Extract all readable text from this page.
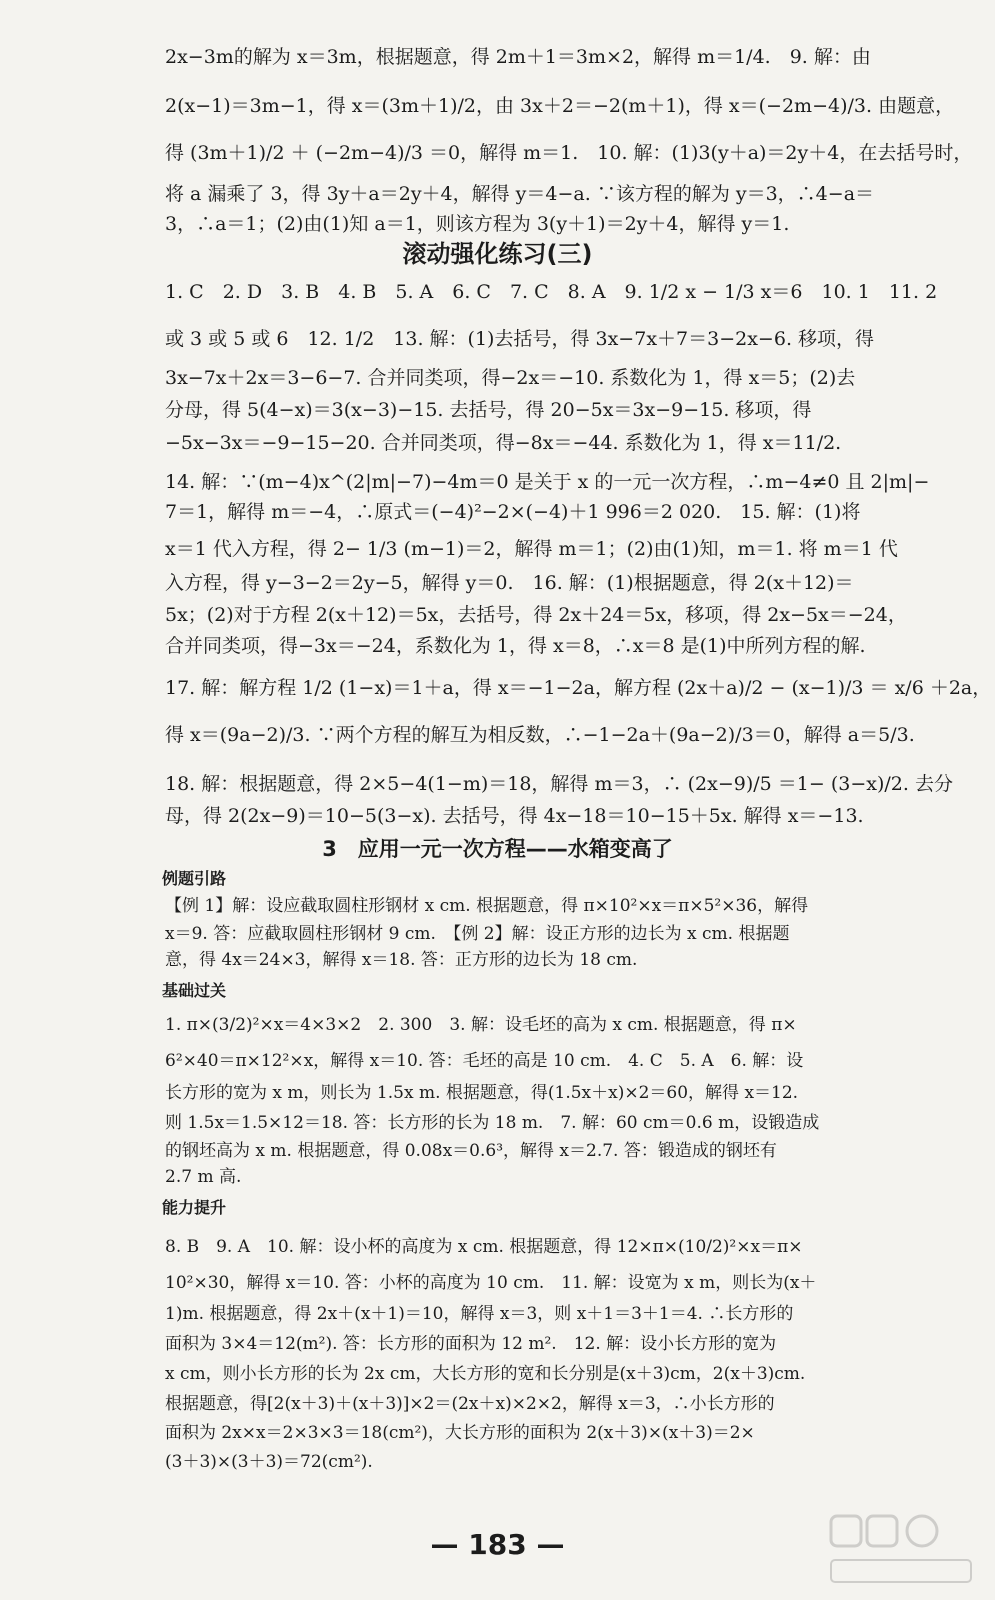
2x−3m的解为 x＝3m，根据题意，得 2m＋1＝3m×2，解得 m＝1/4.　9. 解：由
2(x−1)＝3m−1，得 x＝(3m＋1)/2，由 3x＋2＝−2(m＋1)，得 x＝(−2m−4)/3. 由题意，
得 (3m＋1)/2 ＋ (−2m−4)/3 ＝0，解得 m＝1.　10. 解：(1)3(y＋a)＝2y＋4，在去括号时，
将 a 漏乘了 3，得 3y＋a＝2y＋4，解得 y＝4−a. ∵该方程的解为 y＝3，∴4−a＝
3，∴a＝1；(2)由(1)知 a＝1，则该方程为 3(y＋1)＝2y＋4，解得 y＝1.
滚动强化练习(三)
1. C　2. D　3. B　4. B　5. A　6. C　7. C　8. A　9. 1/2 x − 1/3 x＝6　10. 1　11. 2
或 3 或 5 或 6　12. 1/2　13. 解：(1)去括号，得 3x−7x＋7＝3−2x−6. 移项，得
3x−7x＋2x＝3−6−7. 合并同类项，得−2x＝−10. 系数化为 1，得 x＝5；(2)去
分母，得 5(4−x)＝3(x−3)−15. 去括号，得 20−5x＝3x−9−15. 移项，得
−5x−3x＝−9−15−20. 合并同类项，得−8x＝−44. 系数化为 1，得 x＝11/2.
14. 解：∵(m−4)x^(2|m|−7)−4m＝0 是关于 x 的一元一次方程，∴m−4≠0 且 2|m|−
7＝1，解得 m＝−4，∴原式＝(−4)²−2×(−4)＋1 996＝2 020.　15. 解：(1)将
x＝1 代入方程，得 2− 1/3 (m−1)＝2，解得 m＝1；(2)由(1)知，m＝1. 将 m＝1 代
入方程，得 y−3−2＝2y−5，解得 y＝0.　16. 解：(1)根据题意，得 2(x＋12)＝
5x；(2)对于方程 2(x＋12)＝5x，去括号，得 2x＋24＝5x，移项，得 2x−5x＝−24，
合并同类项，得−3x＝−24，系数化为 1，得 x＝8，∴x＝8 是(1)中所列方程的解.
17. 解：解方程 1/2 (1−x)＝1＋a，得 x＝−1−2a，解方程 (2x＋a)/2 − (x−1)/3 ＝ x/6 ＋2a，
得 x＝(9a−2)/3. ∵两个方程的解互为相反数，∴−1−2a＋(9a−2)/3＝0，解得 a＝5/3.
18. 解：根据题意，得 2×5−4(1−m)＝18，解得 m＝3，∴ (2x−9)/5 ＝1− (3−x)/2. 去分
母，得 2(2x−9)＝10−5(3−x). 去括号，得 4x−18＝10−15＋5x. 解得 x＝−13.
3　应用一元一次方程——水箱变高了
例题引路
【例 1】解：设应截取圆柱形钢材 x cm. 根据题意，得 π×10²×x＝π×5²×36，解得
x＝9. 答：应截取圆柱形钢材 9 cm.　【例 2】解：设正方形的边长为 x cm. 根据题
意，得 4x＝24×3，解得 x＝18. 答：正方形的边长为 18 cm.
基础过关
1. π×(3/2)²×x＝4×3×2　2. 300　3. 解：设毛坯的高为 x cm. 根据题意，得 π×
6²×40＝π×12²×x，解得 x＝10. 答：毛坯的高是 10 cm.　4. C　5. A　6. 解：设
长方形的宽为 x m，则长为 1.5x m. 根据题意，得(1.5x＋x)×2＝60，解得 x＝12.
则 1.5x＝1.5×12＝18. 答：长方形的长为 18 m.　7. 解：60 cm＝0.6 m，设锻造成
的钢坯高为 x m. 根据题意，得 0.08x＝0.6³，解得 x＝2.7. 答：锻造成的钢坯有
2.7 m 高.
能力提升
8. B　9. A　10. 解：设小杯的高度为 x cm. 根据题意，得 12×π×(10/2)²×x＝π×
10²×30，解得 x＝10. 答：小杯的高度为 10 cm.　11. 解：设宽为 x m，则长为(x＋
1)m. 根据题意，得 2x＋(x＋1)＝10，解得 x＝3，则 x＋1＝3＋1＝4. ∴长方形的
面积为 3×4＝12(m²). 答：长方形的面积为 12 m².　12. 解：设小长方形的宽为
x cm，则小长方形的长为 2x cm，大长方形的宽和长分别是(x＋3)cm，2(x＋3)cm.
根据题意，得[2(x＋3)＋(x＋3)]×2＝(2x＋x)×2×2，解得 x＝3，∴小长方形的
面积为 2x×x＝2×3×3＝18(cm²)，大长方形的面积为 2(x＋3)×(x＋3)＝2×
(3＋3)×(3＋3)＝72(cm²).
— 183 —
